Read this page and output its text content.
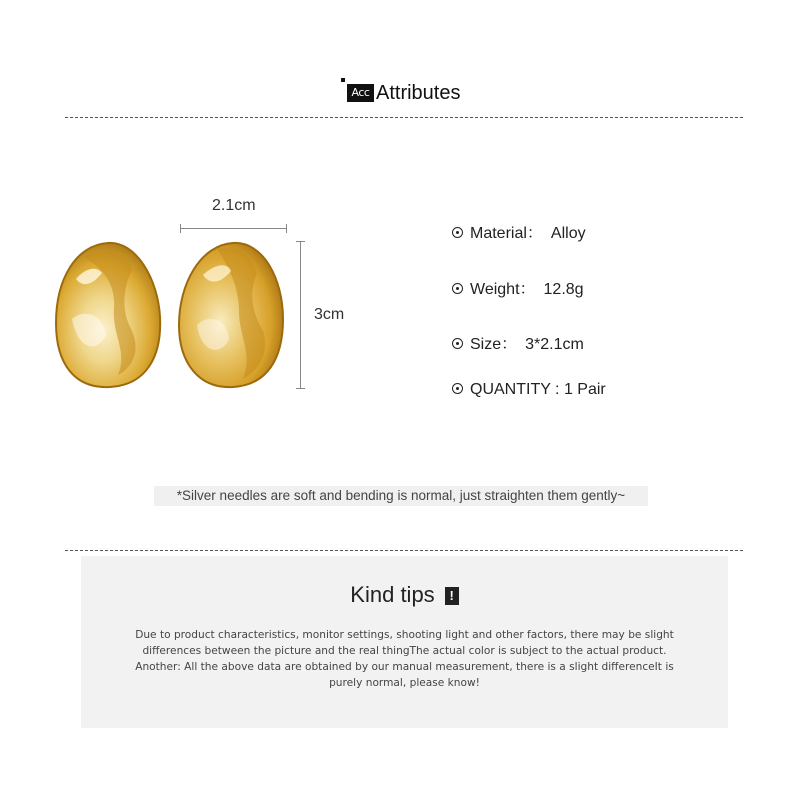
Acc Attributes
2.1cm
3cm
Material： Alloy
Weight： 12.8g
Size： 3*2.1cm
QUANTITY : 1 Pair
*Silver needles are soft and bending is normal, just straighten them gently~
Kind tips !
Due to product characteristics, monitor settings, shooting light and other factors, there may be slight
differences between the picture and the real thingThe actual color is subject to the actual product.
Another: All the above data are obtained by our manual measurement, there is a slight differenceIt is
purely normal, please know!
